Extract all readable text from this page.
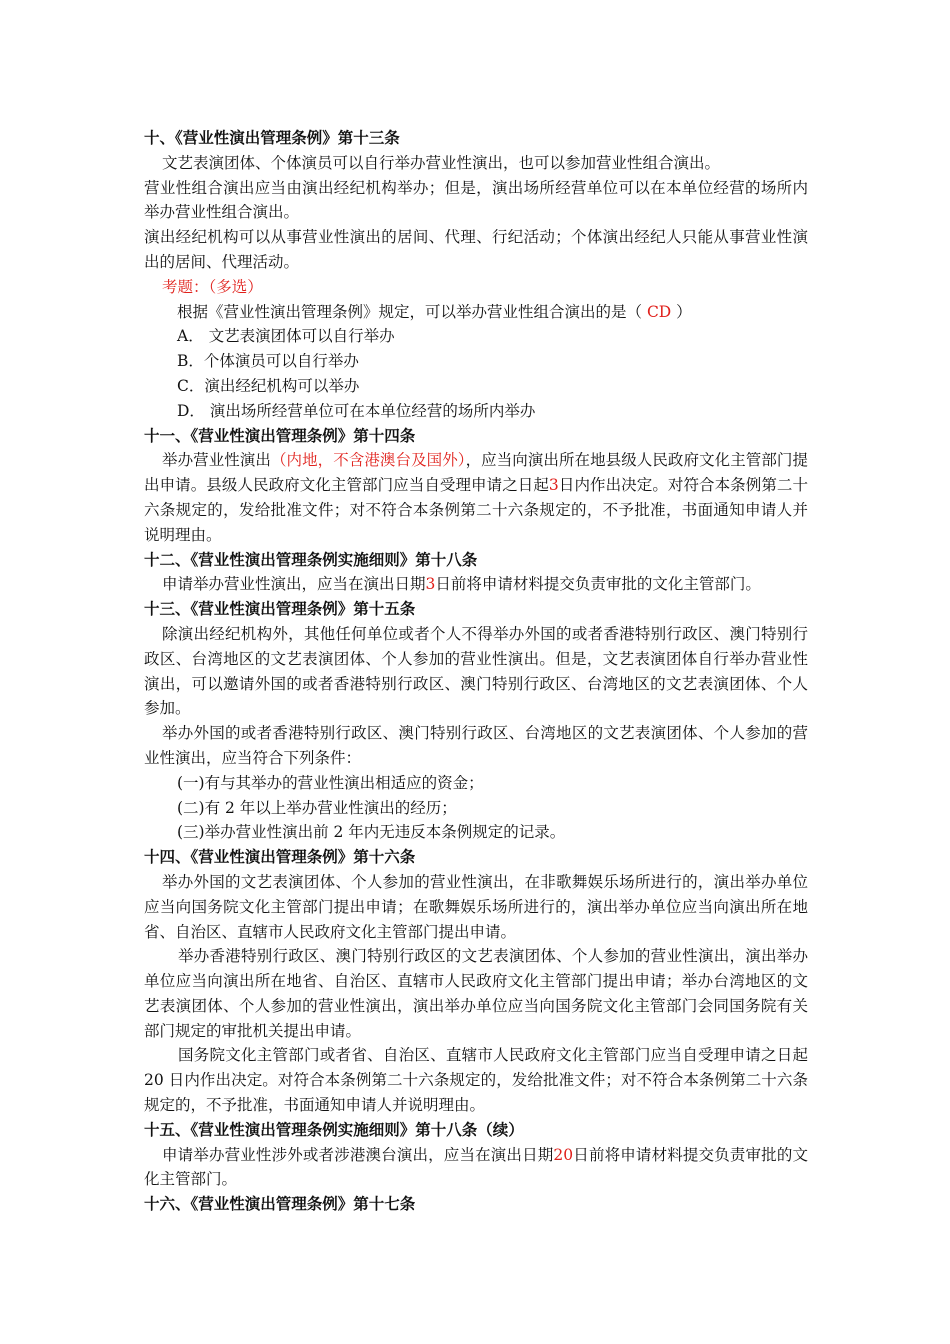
十、《营业性演出管理条例》第十三条

文艺表演团体、个体演员可以自行举办营业性演出，也可以参加营业性组合演出。

营业性组合演出应当由演出经纪机构举办；但是，演出场所经营单位可以在本单位经营的场所内举办营业性组合演出。

演出经纪机构可以从事营业性演出的居间、代理、行纪活动；个体演出经纪人只能从事营业性演出的居间、代理活动。

考题：（多选）

根据《营业性演出管理条例》规定，可以举办营业性组合演出的是（ CD ）

A． 文艺表演团体可以自行举办

B．个体演员可以自行举办

C．演出经纪机构可以举办

D． 演出场所经营单位可在本单位经营的场所内举办

十一、《营业性演出管理条例》第十四条

举办营业性演出（内地，不含港澳台及国外），应当向演出所在地县级人民政府文化主管部门提出申请。县级人民政府文化主管部门应当自受理申请之日起3日内作出决定。对符合本条例第二十六条规定的，发给批准文件；对不符合本条例第二十六条规定的，不予批准，书面通知申请人并说明理由。

十二、《营业性演出管理条例实施细则》第十八条

申请举办营业性演出，应当在演出日期3日前将申请材料提交负责审批的文化主管部门。

十三、《营业性演出管理条例》第十五条

除演出经纪机构外，其他任何单位或者个人不得举办外国的或者香港特别行政区、澳门特别行政区、台湾地区的文艺表演团体、个人参加的营业性演出。但是，文艺表演团体自行举办营业性演出，可以邀请外国的或者香港特别行政区、澳门特别行政区、台湾地区的文艺表演团体、个人参加。

举办外国的或者香港特别行政区、澳门特别行政区、台湾地区的文艺表演团体、个人参加的营业性演出，应当符合下列条件：

(一)有与其举办的营业性演出相适应的资金；

(二)有 2 年以上举办营业性演出的经历；

(三)举办营业性演出前 2 年内无违反本条例规定的记录。

十四、《营业性演出管理条例》第十六条

举办外国的文艺表演团体、个人参加的营业性演出，在非歌舞娱乐场所进行的，演出举办单位应当向国务院文化主管部门提出申请；在歌舞娱乐场所进行的，演出举办单位应当向演出所在地省、自治区、直辖市人民政府文化主管部门提出申请。

举办香港特别行政区、澳门特别行政区的文艺表演团体、个人参加的营业性演出，演出举办单位应当向演出所在地省、自治区、直辖市人民政府文化主管部门提出申请；举办台湾地区的文艺表演团体、个人参加的营业性演出，演出举办单位应当向国务院文化主管部门会同国务院有关部门规定的审批机关提出申请。

国务院文化主管部门或者省、自治区、直辖市人民政府文化主管部门应当自受理申请之日起 20 日内作出决定。对符合本条例第二十六条规定的，发给批准文件；对不符合本条例第二十六条规定的，不予批准，书面通知申请人并说明理由。

十五、《营业性演出管理条例实施细则》第十八条（续）

申请举办营业性涉外或者涉港澳台演出，应当在演出日期20日前将申请材料提交负责审批的文化主管部门。

十六、《营业性演出管理条例》第十七条
